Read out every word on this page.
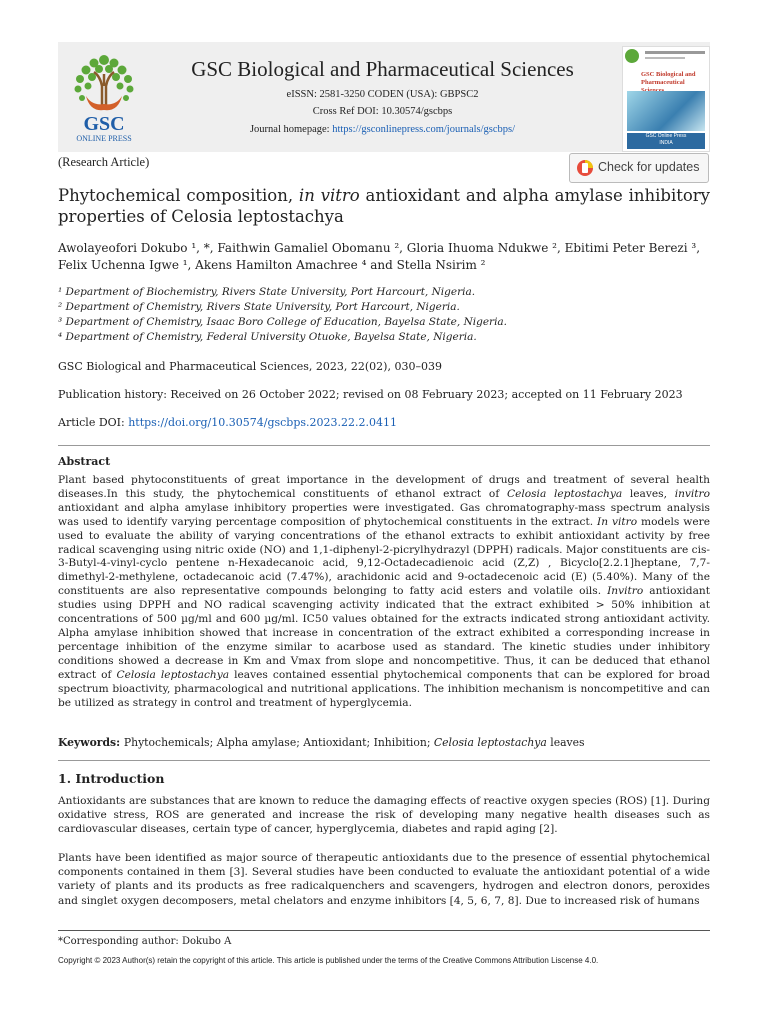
GSC
ONLINE PRESS
GSC Biological and Pharmaceutical Sciences
eISSN: 2581-3250 CODEN (USA): GBPSC2
Cross Ref DOI: 10.30574/gscbps
Journal homepage: https://gsconlinepress.com/journals/gscbps/
GSC Biological and Pharmaceutical
GSC Online Press
INDIA
(Research Article)	Check for updates
Phytochemical composition, in vitro antioxidant and alpha amylase inhibitory properties of Celosia leptostachya
Awolayeofori Dokubo ¹, *, Faithwin Gamaliel Obomanu ², Gloria Ihuoma Ndukwe ², Ebitimi Peter Berezi ³,
Felix Uchenna Igwe ¹, Akens Hamilton Amachree ⁴ and Stella Nsirim ²
¹ Department of Biochemistry, Rivers State University, Port Harcourt, Nigeria.
² Department of Chemistry, Rivers State University, Port Harcourt, Nigeria.
³ Department of Chemistry, Isaac Boro College of Education, Bayelsa State, Nigeria.
⁴ Department of Chemistry, Federal University Otuoke, Bayelsa State, Nigeria.
GSC Biological and Pharmaceutical Sciences, 2023, 22(02), 030–039
Publication history: Received on 26 October 2022; revised on 08 February 2023; accepted on 11 February 2023
Article DOI: https://doi.org/10.30574/gscbps.2023.22.2.0411
Abstract
Plant based phytoconstituents of great importance in the development of drugs and treatment of several health diseases.In this study, the phytochemical constituents of ethanol extract of Celosia leptostachya leaves, invitro antioxidant and alpha amylase inhibitory properties were investigated. Gas chromatography-mass spectrum analysis was used to identify varying percentage composition of phytochemical constituents in the extract. In vitro models were used to evaluate the ability of varying concentrations of the ethanol extracts to exhibit antioxidant activity by free radical scavenging using nitric oxide (NO) and 1,1-diphenyl-2-picrylhydrazyl (DPPH) radicals. Major constituents are cis-3-Butyl-4-vinyl-cyclo pentene n-Hexadecanoic acid, 9,12-Octadecadienoic acid (Z,Z) , Bicyclo[2.2.1]heptane, 7,7-dimethyl-2-methylene, octadecanoic acid (7.47%), arachidonic acid and 9-octadecenoic acid (E) (5.40%). Many of the constituents are also representative compounds belonging to fatty acid esters and volatile oils. Invitro antioxidant studies using DPPH and NO radical scavenging activity indicated that the extract exhibited > 50% inhibition at concentrations of 500 µg/ml and 600 µg/ml. IC50 values obtained for the extracts indicated strong antioxidant activity. Alpha amylase inhibition showed that increase in concentration of the extract exhibited a corresponding increase in percentage inhibition of the enzyme similar to acarbose used as standard. The kinetic studies under inhibitory conditions showed a decrease in Km and Vmax from slope and noncompetitive. Thus, it can be deduced that ethanol extract of Celosia leptostachya leaves contained essential phytochemical components that can be explored for broad spectrum bioactivity, pharmacological and nutritional applications. The inhibition mechanism is noncompetitive and can be utilized as strategy in control and treatment of hyperglycemia.
Keywords: Phytochemicals; Alpha amylase; Antioxidant; Inhibition; Celosia leptostachya leaves
1. Introduction
Antioxidants are substances that are known to reduce the damaging effects of reactive oxygen species (ROS) [1]. During oxidative stress, ROS are generated and increase the risk of developing many negative health diseases such as cardiovascular diseases, certain type of cancer, hyperglycemia, diabetes and rapid aging [2].
Plants have been identified as major source of therapeutic antioxidants due to the presence of essential phytochemical components contained in them [3]. Several studies have been conducted to evaluate the antioxidant potential of a wide variety of plants and its products as free radicalquenchers and scavengers, hydrogen and electron donors, peroxides and singlet oxygen decomposers, metal chelators and enzyme inhibitors [4, 5, 6, 7, 8]. Due to increased risk of humans
*Corresponding author: Dokubo A
Copyright © 2023 Author(s) retain the copyright of this article. This article is published under the terms of the Creative Commons Attribution Liscense 4.0.
